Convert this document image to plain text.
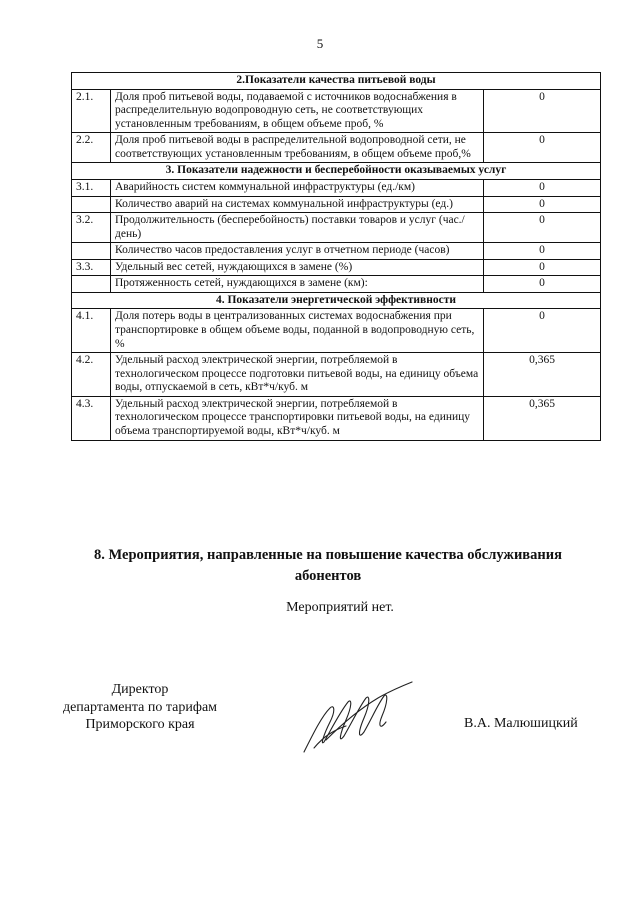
5
2.Показатели качества питьевой воды		
2.1.	Доля проб питьевой воды, подаваемой с источников водоснабжения в распределительную водопроводную сеть, не соответствующих установленным требованиям, в общем объеме проб, %	0
2.2.	Доля проб питьевой воды в распределительной водопроводной сети, не соответствующих установленным требованиям, в общем объеме проб,%	0
3. Показатели надежности и бесперебойности оказываемых услуг		
3.1.	Аварийность систем коммунальной инфраструктуры (ед./км)	0
	Количество аварий на системах коммунальной инфраструктуры (ед.)	0
3.2.	Продолжительность (бесперебойность) поставки товаров и услуг (час./день)	0
	Количество часов предоставления услуг в отчетном периоде (часов)	0
3.3.	Удельный вес сетей, нуждающихся в замене (%)	0
	Протяженность сетей, нуждающихся в замене (км):	0
4. Показатели энергетической эффективности		
4.1.	Доля потерь воды в централизованных системах водоснабжения при транспортировке в общем объеме воды, поданной в водопроводную сеть, %	0
4.2.	Удельный расход электрической энергии, потребляемой в технологическом процессе подготовки питьевой воды, на единицу объема воды, отпускаемой в сеть, кВт*ч/куб. м	0,365
4.3.	Удельный расход электрической энергии, потребляемой в технологическом процессе транспортировки питьевой воды, на единицу объема транспортируемой воды, кВт*ч/куб. м	0,365
8. Мероприятия, направленные на повышение качества обслуживания абонентов
Мероприятий нет.
Директор
департамента по тарифам
Приморского края	В.А. Малюшицкий
